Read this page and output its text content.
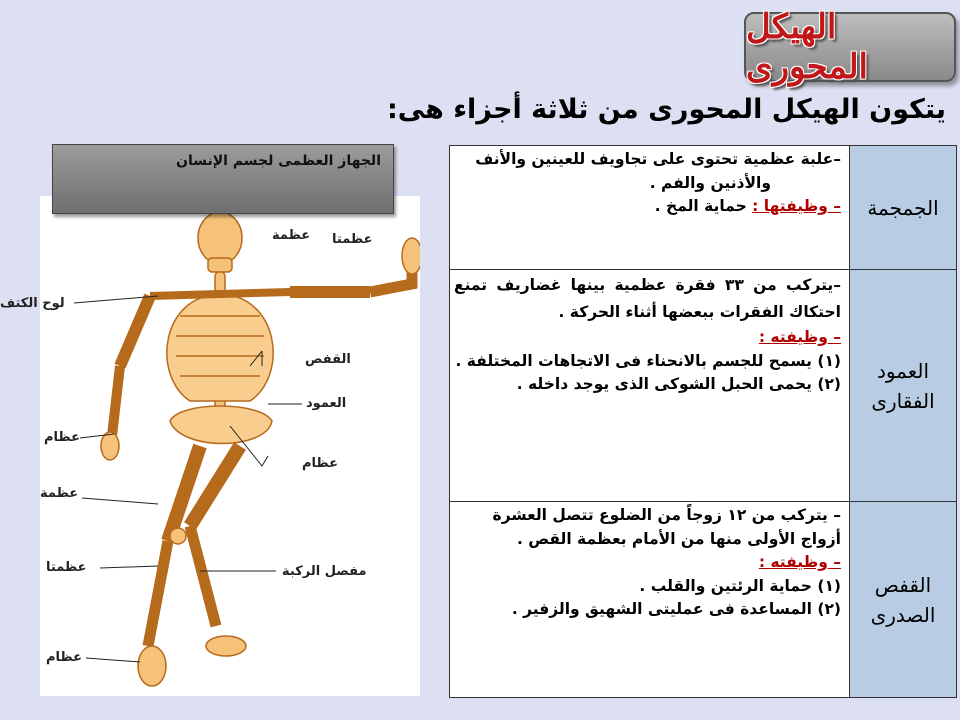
الهيكل المحورى
يتكون الهيكل المحورى من ثلاثة أجزاء هى:
الجمجمة	–علبة عظمية تحتوى على تجاويف للعينين والأنف

والأذنين والفم .

– وظيفتها : حماية المخ .

العمود الفقارى	–يتركب من ٣٣ فقرة عظمية بينها غضاريف تمنع احتكاك الفقرات ببعضها أثناء الحركة .

– وظيفته :

(١) يسمح للجسم بالانحناء فى الاتجاهات المختلفة .

(٢) يحمى الحبل الشوكى الذى يوجد داخله .

القفص الصدرى	– يتركب من ١٢ زوجاً من الضلوع تتصل العشرة

أزواج الأولى منها من الأمام بعظمة القص .

– وظيفته :

(١) حماية الرئتين والقلب .

(٢) المساعدة فى عمليتى الشهيق والزفير .

عظمة عظمتا
القفص
العمود
عظام
مفصل الركبة
لوح الكتف
عظام
عظمة
عظمتا
عظام
الجهاز العظمى لجسم الإنسان
